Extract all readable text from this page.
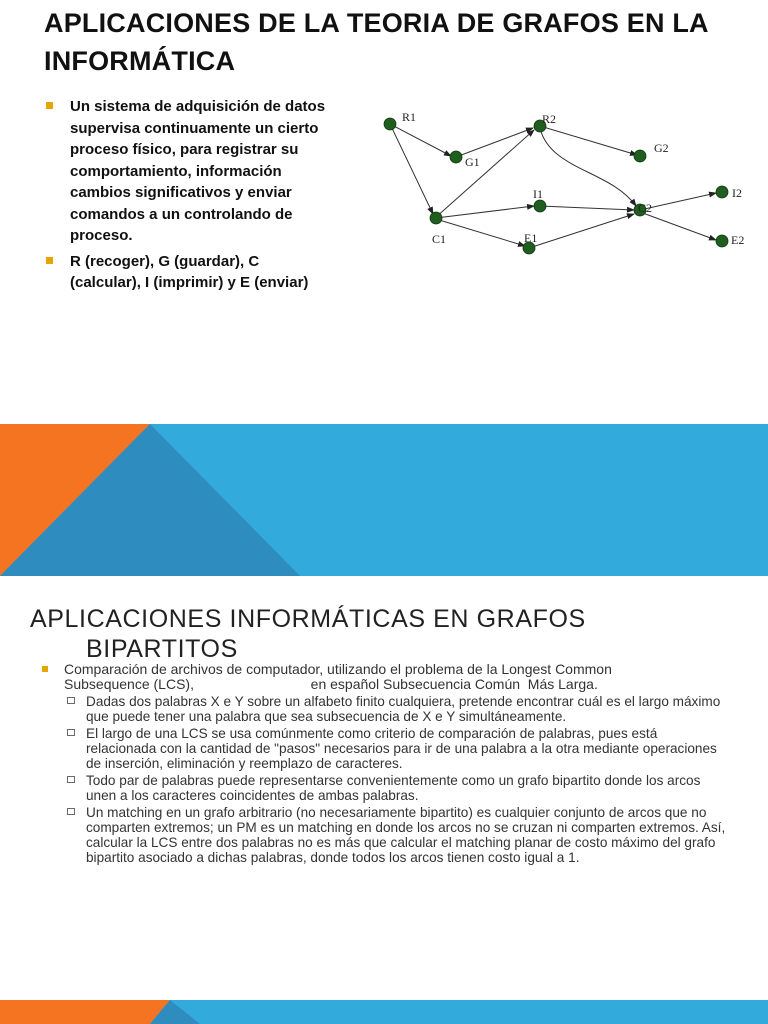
APLICACIONES DE LA TEORIA DE GRAFOS EN LA INFORMÁTICA
Un sistema de adquisición de datos supervisa continuamente un cierto proceso físico, para registrar su comportamiento, información cambios significativos y enviar comandos a un controlando de proceso.
R (recoger), G (guardar), C (calcular), I (imprimir) y E (enviar)
R1
G1
R2
G2
C1
I1
E1
C2
I2
E2
APLICACIONES INFORMÁTICAS EN GRAFOS
BIPARTITOS
Comparación de archivos de computador, utilizando el problema de la Longest Common
Subsequence (LCS),                              en español Subsecuencia Común  Más Larga.
Dadas dos palabras X e Y sobre un alfabeto finito cualquiera, pretende encontrar cuál es el largo máximo que puede tener una palabra que sea subsecuencia de X e Y simultáneamente.
El largo de una LCS se usa comúnmente como criterio de comparación de palabras, pues está relacionada con la cantidad de "pasos" necesarios para ir de una palabra a la otra mediante operaciones de inserción, eliminación y reemplazo de caracteres.
Todo par de palabras puede representarse convenientemente como un grafo bipartito donde los arcos unen a los caracteres coincidentes de ambas palabras.
Un matching en un grafo arbitrario (no necesariamente bipartito) es cualquier conjunto de arcos que no comparten extremos; un PM es un matching en donde los arcos no se cruzan ni comparten extremos. Así, calcular la LCS entre dos palabras no es más que calcular el matching planar de costo máximo del grafo bipartito asociado a dichas palabras, donde todos los arcos tienen costo igual a 1.
